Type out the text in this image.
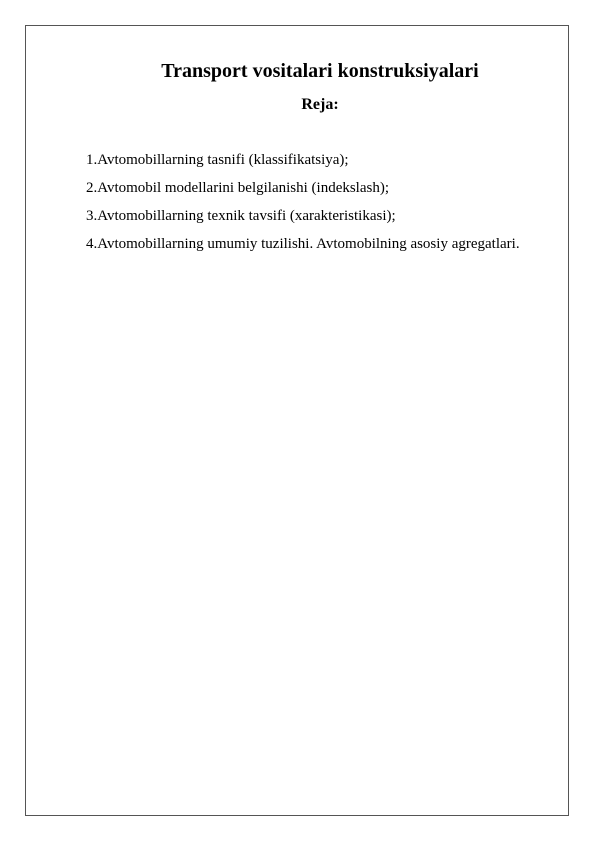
Transport vositalari konstruksiyalari
Reja:
1.Avtomobillarning tasnifi (klassifikatsiya);
2.Avtomobil modellarini belgilanishi (indekslash);
3.Avtomobillarning texnik tavsifi (xarakteristikasi);
4.Avtomobillarning umumiy tuzilishi. Avtomobilning asosiy agregatlari.
